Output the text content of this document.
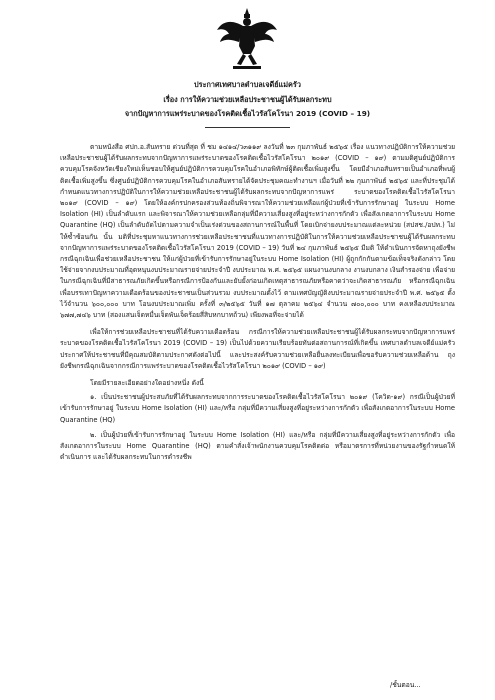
ประกาศเทศบาลตำบลเจดีย์แม่ครัว
เรื่อง การให้ความช่วยเหลือประชาชนผู้ได้รับผลกระทบ
จากปัญหาการแพร่ระบาดของโรคติดเชื้อไวรัสโคโรนา 2019 (COVID – 19)

ตามหนังสือ ศปก.อ.สันทราย ด่วนที่สุด ที่ ชม ๑๔๑๔/ว๓๑๑๙ ลงวันที่ ๒๓ กุมภาพันธ์ ๒๕๖๕ เรื่อง แนวทางปฏิบัติการให้ความช่วยเหลือประชาชนผู้ได้รับผลกระทบจากปัญหาการแพร่ระบาดของโรคติดเชื้อไวรัสโคโรนา ๒๐๑๙ (COVID – ๑๙) ตามมติศูนย์ปฏิบัติการควบคุมโรคจังหวัดเชียงใหม่เห็นชอบให้ศูนย์ปฏิบัติการควบคุมโรคในอำเภอพิทักษ์ผู้ติดเชื้อเพิ่มสูงขึ้น โดยมีอำเภอสันทรายเป็นอำเภอที่พบผู้ติดเชื้อเพิ่มสูงขึ้น ซึ่งศูนย์ปฏิบัติการควบคุมโรคในอำเภอสันทรายได้จัดประชุมคณะทำงานฯ เมื่อวันที่ ๒๒ กุมภาพันธ์ ๒๕๖๕ และที่ประชุมได้กำหนดแนวทางการปฏิบัติในการให้ความช่วยเหลือประชาชนผู้ได้รับผลกระทบจากปัญหาการแพร่ ระบาดของโรคติดเชื้อไวรัสโคโรนา ๒๐๑๙ (COVID – ๑๙) โดยให้องค์กรปกครองส่วนท้องถิ่นพิจารณาให้ความช่วยเหลือแก่ผู้ป่วยที่เข้ารับการรักษาอยู่ ในระบบ Home Isolation (HI) เป็นลำดับแรก และพิจารณาให้ความช่วยเหลือกลุ่มที่มีความเสี่ยงสูงที่อยู่ระหว่างการกักตัว เพื่อสังเกตอาการในระบบ Home Quarantine (HQ) เป็นลำดับถัดไปตามความจำเป็นเร่งด่วนของสถานการณ์ในพื้นที่ โดยเบิกจ่ายงบประมาณแต่ละหน่วย (สปสช./อปท.) ไม่ให้ซ้ำซ้อนกัน นั้น มติที่ประชุมหาแนวทางการช่วยเหลือประชาชนที่แนวทางการปฏิบัติในการให้ความช่วยเหลือประชาชนผู้ได้รับผลกระทบจากปัญหาการแพร่ระบาดของโรคติดเชื้อไวรัสโคโรนา 2019 (COVID – 19) วันที่ ๒๔ กุมภาพันธ์ ๒๕๖๕ มีมติ ให้ดำเนินการจัดหาถุงยังชีพกรณีฉุกเฉินเพื่อช่วยเหลือประชาชน ให้แก่ผู้ป่วยที่เข้ารับการรักษาอยู่ในระบบ Home Isolation (HI) ผู้ถูกกักกันตามข้อเท็จจริงดังกล่าว โดยใช้จ่ายจากงบประมาณที่อุดหนุนงบประมาณรายจ่ายประจำปี งบประมาณ พ.ศ. ๒๕๖๕ แผนงานงบกลาง งานงบกลาง เงินสำรองจ่าย เพื่อจ่ายในกรณีฉุกเฉินที่มีสาธารณภัยเกิดขึ้นหรือกรณีการป้องกันและยับยั้งก่อนเกิดเหตุสาธารณภัยหรือคาดว่าจะเกิดสาธารณภัย หรือกรณีฉุกเฉินเพื่อบรรเทาปัญหาความเดือดร้อนของประชาชนเป็นส่วนรวม งบประมาณตั้งไว้ ตามเทศบัญญัติงบประมาณรายจ่ายประจำปี พ.ศ. ๒๕๖๕ ตั้งไว้จำนวน ๖๐๐,๐๐๐ บาท โอนงบประมาณเพิ่ม ครั้งที่ ๓/๒๕๖๕ วันที่ ๑๗ ตุลาคม ๒๕๖๔ จำนวน ๗๐๐,๐๐๐ บาท คงเหลืองบประมาณ ๖๗๗,๗๔๖ บาท (สองแสนเจ็ดหมื่นเจ็ดพันเจ็ดร้อยสี่สิบหกบาทถ้วน) เพียงพอที่จะจ่ายได้

เพื่อให้การช่วยเหลือประชาชนที่ได้รับความเดือดร้อน กรณีการให้ความช่วยเหลือประชาชนผู้ได้รับผลกระทบจากปัญหาการแพร่ระบาดของโรคติดเชื้อไวรัสโคโรนา 2019 (COVID – 19) เป็นไปด้วยความเรียบร้อยทันต่อสถานการณ์ที่เกิดขึ้น เทศบาลตำบลเจดีย์แม่ครัวประกาศให้ประชาชนที่มีคุณสมบัติตามประกาศดังต่อไปนี้ และประสงค์รับความช่วยเหลือยื่นลงทะเบียนเพื่อขอรับความช่วยเหลือด้าน ถุงยังชีพกรณีฉุกเฉินจากกรณีการแพร่ระบาดของโรคติดเชื้อไวรัสโคโรนา ๒๐๑๙ (COVID – ๑๙)

โดยมีรายละเอียดอย่างใดอย่างหนึ่ง ดังนี้

๑. เป็นประชาชนผู้ประสบภัยที่ได้รับผลกระทบจากการระบาดของโรคติดเชื้อไวรัสโคโรนา ๒๐๑๙ (โควิด-๑๙) กรณีเป็นผู้ป่วยที่เข้ารับการรักษาอยู่ ในระบบ Home Isolation (HI) และ/หรือ กลุ่มที่มีความเสี่ยงสูงที่อยู่ระหว่างการกักตัว เพื่อสังเกตอาการในระบบ Home Quarantine (HQ)

๒. เป็นผู้ป่วยที่เข้ารับการรักษาอยู่ ในระบบ Home Isolation (HI) และ/หรือ กลุ่มที่มีความเสี่ยงสูงที่อยู่ระหว่างการกักตัว เพื่อสังเกตอาการในระบบ Home Quarantine (HQ) ตามคำสั่งเจ้าพนักงานควบคุมโรคติดต่อ หรือมาตรการที่หน่วยงานของรัฐกำหนดให้ดำเนินการ และได้รับผลกระทบในการดำรงชีพ

/ชั้นตอน...
